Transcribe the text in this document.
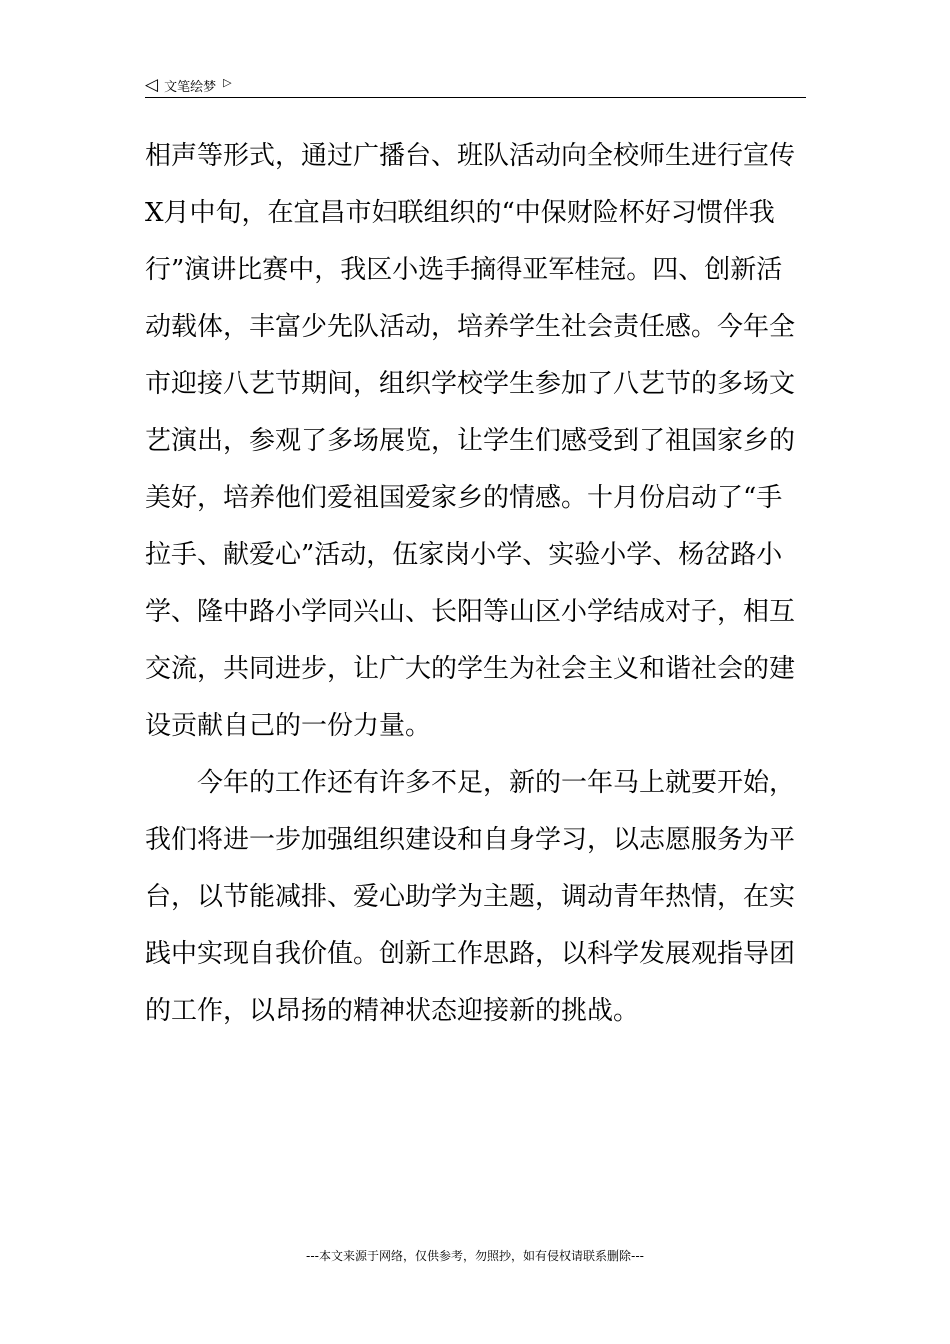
◁ 文笔绘梦 ▷
相声等形式，通过广播台、班队活动向全校师生进行宣传
X月中旬，在宜昌市妇联组织的“中保财险杯好习惯伴我
行”演讲比赛中，我区小选手摘得亚军桂冠。四、创新活
动载体，丰富少先队活动，培养学生社会责任感。今年全
市迎接八艺节期间，组织学校学生参加了八艺节的多场文
艺演出，参观了多场展览，让学生们感受到了祖国家乡的
美好，培养他们爱祖国爱家乡的情感。十月份启动了“手
拉手、献爱心”活动，伍家岗小学、实验小学、杨岔路小
学、隆中路小学同兴山、长阳等山区小学结成对子，相互
交流，共同进步，让广大的学生为社会主义和谐社会的建
设贡献自己的一份力量。
今年的工作还有许多不足，新的一年马上就要开始，
我们将进一步加强组织建设和自身学习，以志愿服务为平
台，以节能减排、爱心助学为主题，调动青年热情，在实
践中实现自我价值。创新工作思路，以科学发展观指导团
的工作，以昂扬的精神状态迎接新的挑战。
---本文来源于网络，仅供参考，勿照抄，如有侵权请联系删除---
